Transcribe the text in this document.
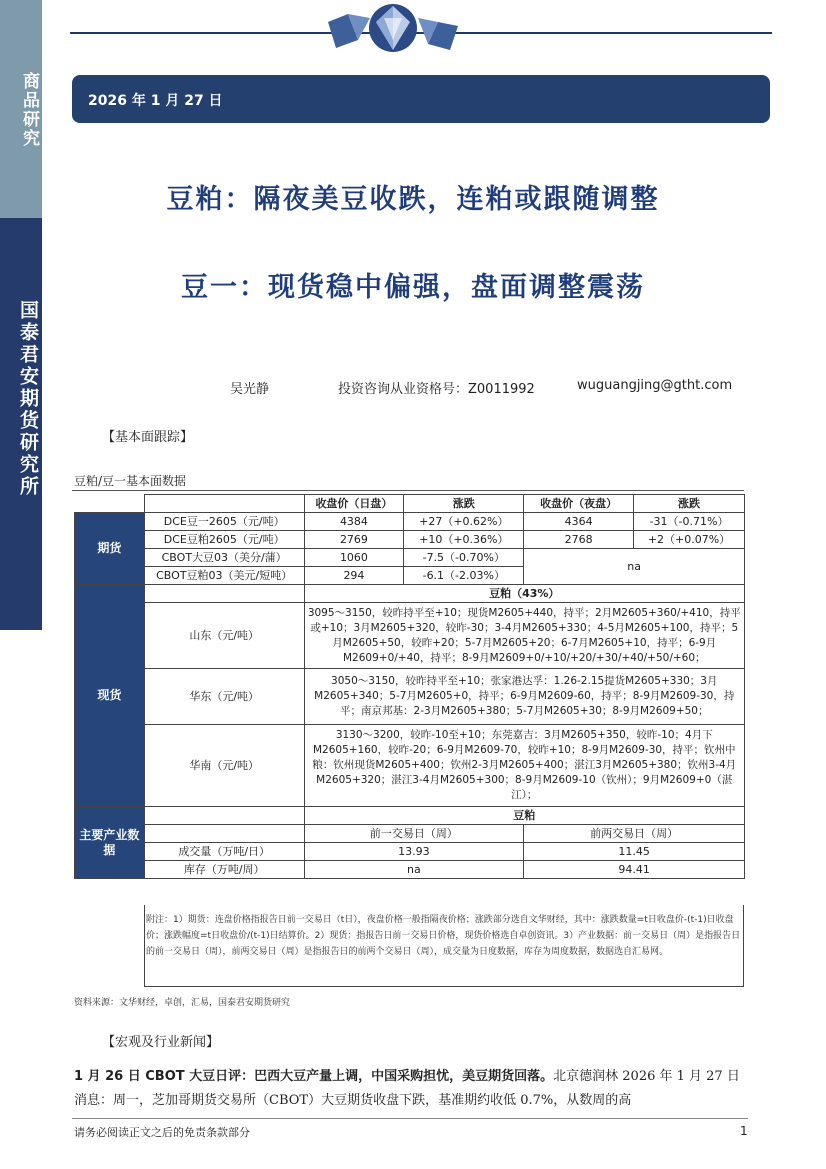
商品研究
国泰君安期货研究所
2026 年 1 月 27 日
豆粕：隔夜美豆收跌，连粕或跟随调整
豆一：现货稳中偏强，盘面调整震荡
吴光静	投资咨询从业资格号：Z0011992	wuguangjing@gtht.com
【基本面跟踪】
豆粕/豆一基本面数据
		收盘价（日盘）	涨跌	收盘价（夜盘）	涨跌
期货	DCE豆一2605（元/吨）	4384	+27（+0.62%）	4364	-31（-0.71%）
	DCE豆粕2605（元/吨）	2769	+10（+0.36%）	2768	+2（+0.07%）
	CBOT大豆03（美分/蒲）	1060	-7.5（-0.70%）	na	
	CBOT豆粕03（美元/短吨）	294	-6.1（-2.03%）		
现货		豆粕（43%）			
	山东（元/吨）	3095～3150，较昨持平至+10；现货M2605+440，持平；2月M2605+360/+410，持平或+10；3月M2605+320，较昨-30；3-4月M2605+330；4-5月M2605+100，持平；5月M2605+50，较昨+20；5-7月M2605+20；6-7月M2605+10，持平；6-9月M2609+0/+40，持平；8-9月M2609+0/+10/+20/+30/+40/+50/+60；			
	华东（元/吨）	3050～3150，较昨持平至+10；张家港达孚：1.26-2.15提货M2605+330；3月M2605+340；5-7月M2605+0，持平；6-9月M2609-60，持平；8-9月M2609-30，持平；南京邦基：2-3月M2605+380；5-7月M2605+30；8-9月M2609+50；			
	华南（元/吨）	3130～3200，较昨-10至+10；东莞嘉吉：3月M2605+350，较昨-10；4月下M2605+160，较昨-20；6-9月M2609-70，较昨+10；8-9月M2609-30，持平；钦州中粮：钦州现货M2605+400；钦州2-3月M2605+400；湛江3月M2605+380；钦州3-4月M2605+320；湛江3-4月M2605+300；8-9月M2609-10（钦州）；9月M2609+0（湛江）；			
主要产业数据		豆粕			
		前一交易日（周）		前两交易日（周）	
	成交量（万吨/日）	13.93		11.45	
	库存（万吨/周）	na		94.41	
附注：1）期货：连盘价格指报告日前一交易日（t日），夜盘价格一般指隔夜价格；涨跌部分选自文华财经，其中：涨跌数量=t日收盘价-(t-1)日收盘价；涨跌幅度=t日收盘价/(t-1)日结算价。2）现货：指报告日前一交易日价格，现货价格选自卓创资讯。3）产业数据：前一交易日（周）是指报告日的前一交易日（周），前两交易日（周）是指报告日的前两个交易日（周），成交量为日度数据，库存为周度数据，数据选自汇易网。
资料来源：文华财经，卓创，汇易，国泰君安期货研究
【宏观及行业新闻】
1 月 26 日 CBOT 大豆日评：巴西大豆产量上调，中国采购担忧，美豆期货回落。北京德润林 2026 年 1 月 27 日消息：周一，芝加哥期货交易所（CBOT）大豆期货收盘下跌，基准期约收低 0.7%，从数周的高
请务必阅读正文之后的免责条款部分	1
